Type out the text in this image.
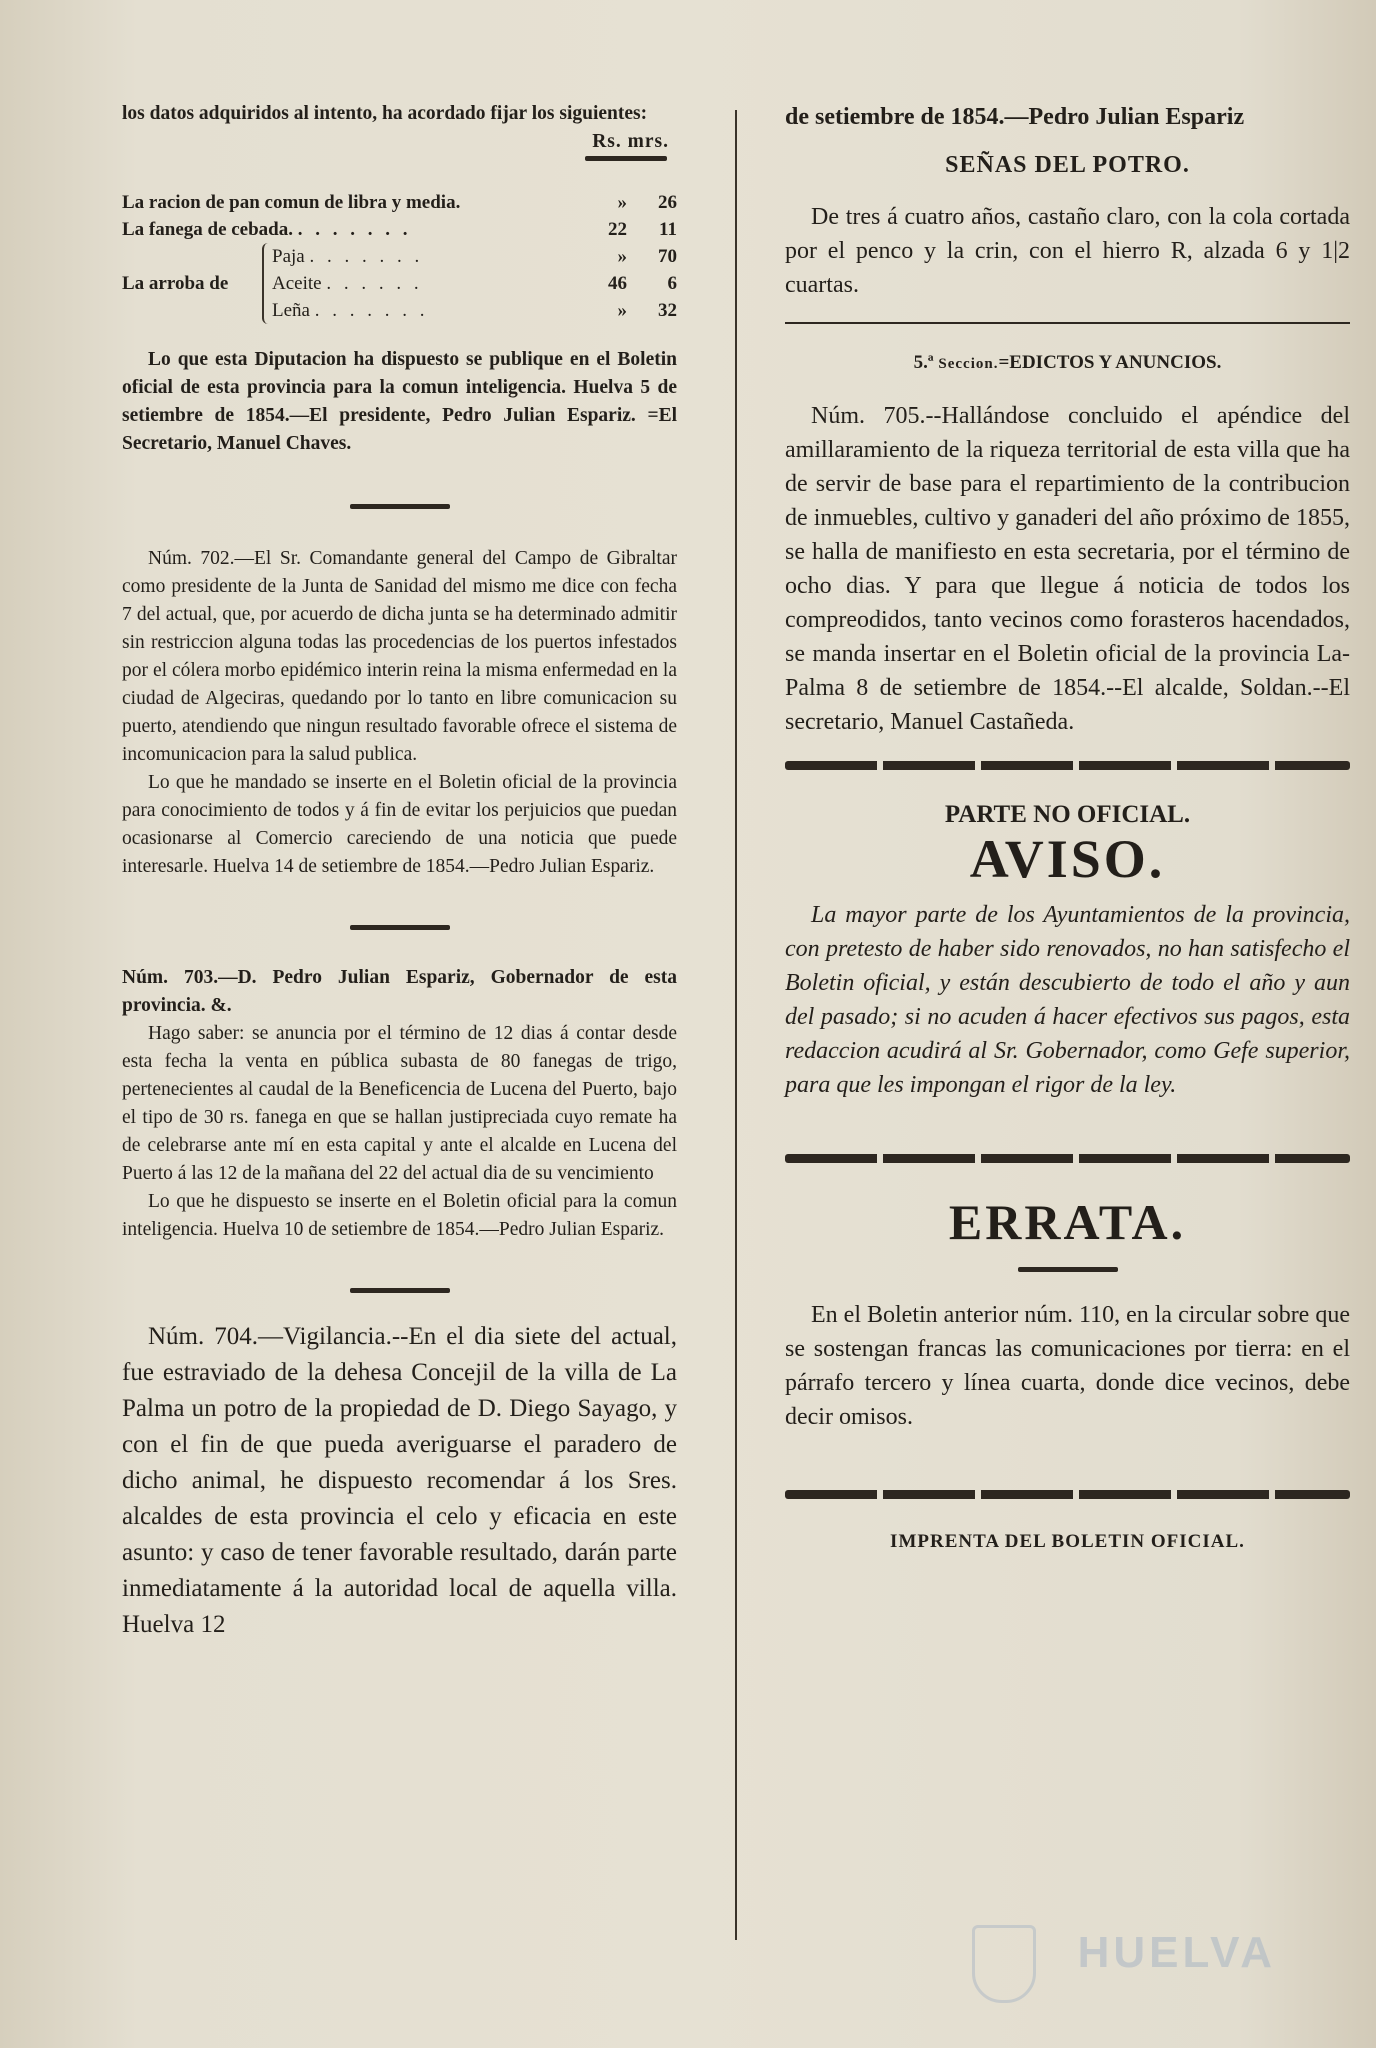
los datos adquiridos al intento, ha acordado fijar los siguientes:

Rs. mrs.

La racion de pan comun de libra y media.	»	26
La fanega de cebada. . . . . . . .	22	11
La arroba de
Paja . . . . . . .	»	70
Aceite . . . . . .	46	6
Leña . . . . . . .	»	32

Lo que esta Diputacion ha dispuesto se publique en el Boletin oficial de esta provincia para la comun inteligencia. Huelva 5 de setiembre de 1854.—El presidente, Pedro Julian Espariz. =El Secretario, Manuel Chaves.

Núm. 702.—El Sr. Comandante general del Campo de Gibraltar como presidente de la Junta de Sanidad del mismo me dice con fecha 7 del actual, que, por acuerdo de dicha junta se ha determinado admitir sin restriccion alguna todas las procedencias de los puertos infestados por el cólera morbo epidémico interin reina la misma enfermedad en la ciudad de Algeciras, quedando por lo tanto en libre comunicacion su puerto, atendiendo que ningun resultado favorable ofrece el sistema de incomunicacion para la salud publica.

Lo que he mandado se inserte en el Boletin oficial de la provincia para conocimiento de todos y á fin de evitar los perjuicios que puedan ocasionarse al Comercio careciendo de una noticia que puede interesarle. Huelva 14 de setiembre de 1854.—Pedro Julian Espariz.

Núm. 703.—D. Pedro Julian Espariz, Gobernador de esta provincia. &.

Hago saber: se anuncia por el término de 12 dias á contar desde esta fecha la venta en pública subasta de 80 fanegas de trigo, pertenecientes al caudal de la Beneficencia de Lucena del Puerto, bajo el tipo de 30 rs. fanega en que se hallan justipreciada cuyo remate ha de celebrarse ante mí en esta capital y ante el alcalde en Lucena del Puerto á las 12 de la mañana del 22 del actual dia de su vencimiento

Lo que he dispuesto se inserte en el Boletin oficial para la comun inteligencia. Huelva 10 de setiembre de 1854.—Pedro Julian Espariz.

Núm. 704.—Vigilancia.--En el dia siete del actual, fue estraviado de la dehesa Concejil de la villa de La Palma un potro de la propiedad de D. Diego Sayago, y con el fin de que pueda averiguarse el paradero de dicho animal, he dispuesto recomendar á los Sres. alcaldes de esta provincia el celo y eficacia en este asunto: y caso de tener favorable resultado, darán parte inmediatamente á la autoridad local de aquella villa. Huelva 12

de setiembre de 1854.—Pedro Julian Espariz

SEÑAS DEL POTRO.

De tres á cuatro años, castaño claro, con la cola cortada por el penco y la crin, con el hierro R, alzada 6 y 1|2 cuartas.

5.ª Seccion.=EDICTOS Y ANUNCIOS.

Núm. 705.--Hallándose concluido el apéndice del amillaramiento de la riqueza territorial de esta villa que ha de servir de base para el repartimiento de la contribucion de inmuebles, cultivo y ganaderi del año próximo de 1855, se halla de manifiesto en esta secretaria, por el término de ocho dias. Y para que llegue á noticia de todos los compreodidos, tanto vecinos como forasteros hacendados, se manda insertar en el Boletin oficial de la provincia La-Palma 8 de setiembre de 1854.--El alcalde, Soldan.--El secretario, Manuel Castañeda.

PARTE NO OFICIAL.

AVISO.

La mayor parte de los Ayuntamientos de la provincia, con pretesto de haber sido renovados, no han satisfecho el Boletin oficial, y están descubierto de todo el año y aun del pasado; si no acuden á hacer efectivos sus pagos, esta redaccion acudirá al Sr. Gobernador, como Gefe superior, para que les impongan el rigor de la ley.

ERRATA.

En el Boletin anterior núm. 110, en la circular sobre que se sostengan francas las comunicaciones por tierra: en el párrafo tercero y línea cuarta, donde dice vecinos, debe decir omisos.

IMPRENTA DEL BOLETIN OFICIAL.

HUELVA
